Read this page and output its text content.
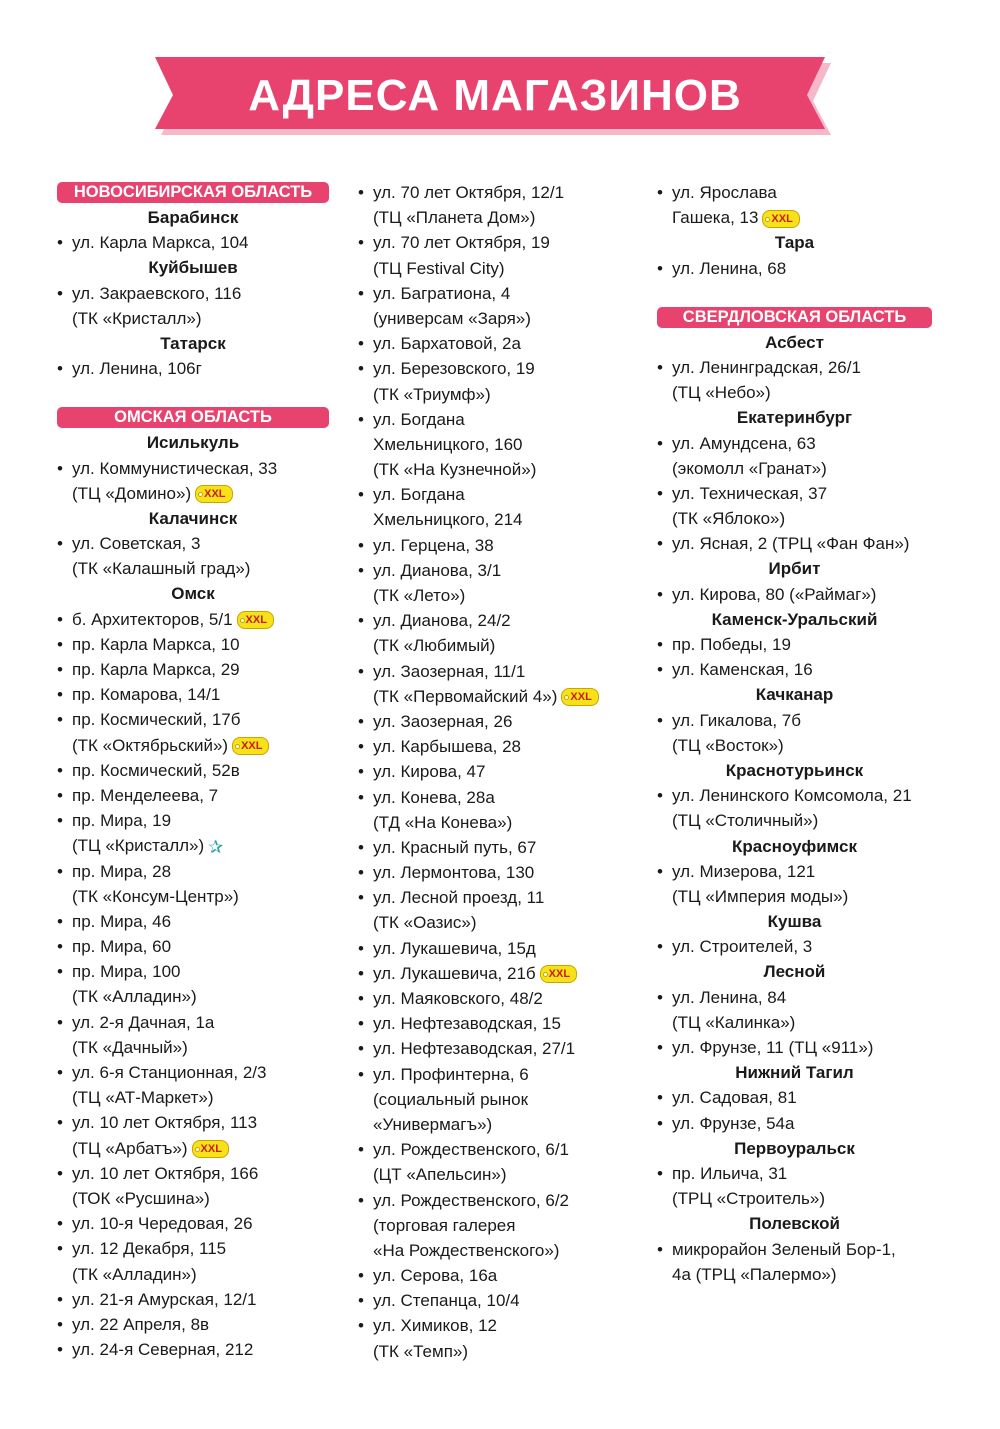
АДРЕСА МАГАЗИНОВ
НОВОСИБИРСКАЯ ОБЛАСТЬ
Барабинск
• ул. Карла Маркса, 104
Куйбышев
• ул. Закраевского, 116
(ТК «Кристалл»)
Татарск
• ул. Ленина, 106г
ОМСКАЯ ОБЛАСТЬ
Исилькуль
• ул. Коммунистическая, 33
(ТЦ «Домино») XXL
Калачинск
• ул. Советская, 3
(ТК «Калашный град»)
Омск
• б. Архитекторов, 5/1 XXL
• пр. Карла Маркса, 10
• пр. Карла Маркса, 29
• пр. Комарова, 14/1
• пр. Космический, 17б
(ТК «Октябрьский») XXL
• пр. Космический, 52в
• пр. Менделеева, 7
• пр. Мира, 19
(ТЦ «Кристалл») ✰
• пр. Мира, 28
(ТК «Консум-Центр»)
• пр. Мира, 46
• пр. Мира, 60
• пр. Мира, 100
(ТК «Алладин»)
• ул. 2-я Дачная, 1а
(ТК «Дачный»)
• ул. 6-я Станционная, 2/3
(ТЦ «АТ-Маркет»)
• ул. 10 лет Октября, 113
(ТЦ «Арбатъ») XXL
• ул. 10 лет Октября, 166
(ТОК «Русшина»)
• ул. 10-я Чередовая, 26
• ул. 12 Декабря, 115
(ТК «Алладин»)
• ул. 21-я Амурская, 12/1
• ул. 22 Апреля, 8в
• ул. 24-я Северная, 212
• ул. 70 лет Октября, 12/1
(ТЦ «Планета Дом»)
• ул. 70 лет Октября, 19
(ТЦ Festival City)
• ул. Багратиона, 4
(универсам «Заря»)
• ул. Бархатовой, 2а
• ул. Березовского, 19
(ТК «Триумф»)
• ул. Богдана
Хмельницкого, 160
(ТК «На Кузнечной»)
• ул. Богдана
Хмельницкого, 214
• ул. Герцена, 38
• ул. Дианова, 3/1
(ТК «Лето»)
• ул. Дианова, 24/2
(ТК «Любимый)
• ул. Заозерная, 11/1
(ТК «Первомайский 4») XXL
• ул. Заозерная, 26
• ул. Карбышева, 28
• ул. Кирова, 47
• ул. Конева, 28а
(ТД «На Конева»)
• ул. Красный путь, 67
• ул. Лермонтова, 130
• ул. Лесной проезд, 11
(ТК «Оазис»)
• ул. Лукашевича, 15д
• ул. Лукашевича, 21б XXL
• ул. Маяковского, 48/2
• ул. Нефтезаводская, 15
• ул. Нефтезаводская, 27/1
• ул. Профинтерна, 6
(социальный рынок
«Универмагъ»)
• ул. Рождественского, 6/1
(ЦТ «Апельсин»)
• ул. Рождественского, 6/2
(торговая галерея
«На Рождественского»)
• ул. Серова, 16а
• ул. Степанца, 10/4
• ул. Химиков, 12
(ТК «Темп»)
• ул. Ярослава
Гашека, 13 XXL
Тара
• ул. Ленина, 68
СВЕРДЛОВСКАЯ ОБЛАСТЬ
Асбест
• ул. Ленинградская, 26/1
(ТЦ «Небо»)
Екатеринбург
• ул. Амундсена, 63
(экомолл «Гранат»)
• ул. Техническая, 37
(ТК «Яблоко»)
• ул. Ясная, 2 (ТРЦ «Фан Фан»)
Ирбит
• ул. Кирова, 80 («Раймаг»)
Каменск-Уральский
• пр. Победы, 19
• ул. Каменская, 16
Качканар
• ул. Гикалова, 7б
(ТЦ «Восток»)
Краснотурьинск
• ул. Ленинского Комсомола, 21
(ТЦ «Столичный»)
Красноуфимск
• ул. Мизерова, 121
(ТЦ «Империя моды»)
Кушва
• ул. Строителей, 3
Лесной
• ул. Ленина, 84
(ТЦ «Калинка»)
• ул. Фрунзе, 11 (ТЦ «911»)
Нижний Тагил
• ул. Садовая, 81
• ул. Фрунзе, 54а
Первоуральск
• пр. Ильича, 31
(ТРЦ «Строитель»)
Полевской
• микрорайон Зеленый Бор-1,
4а (ТРЦ «Палермо»)
